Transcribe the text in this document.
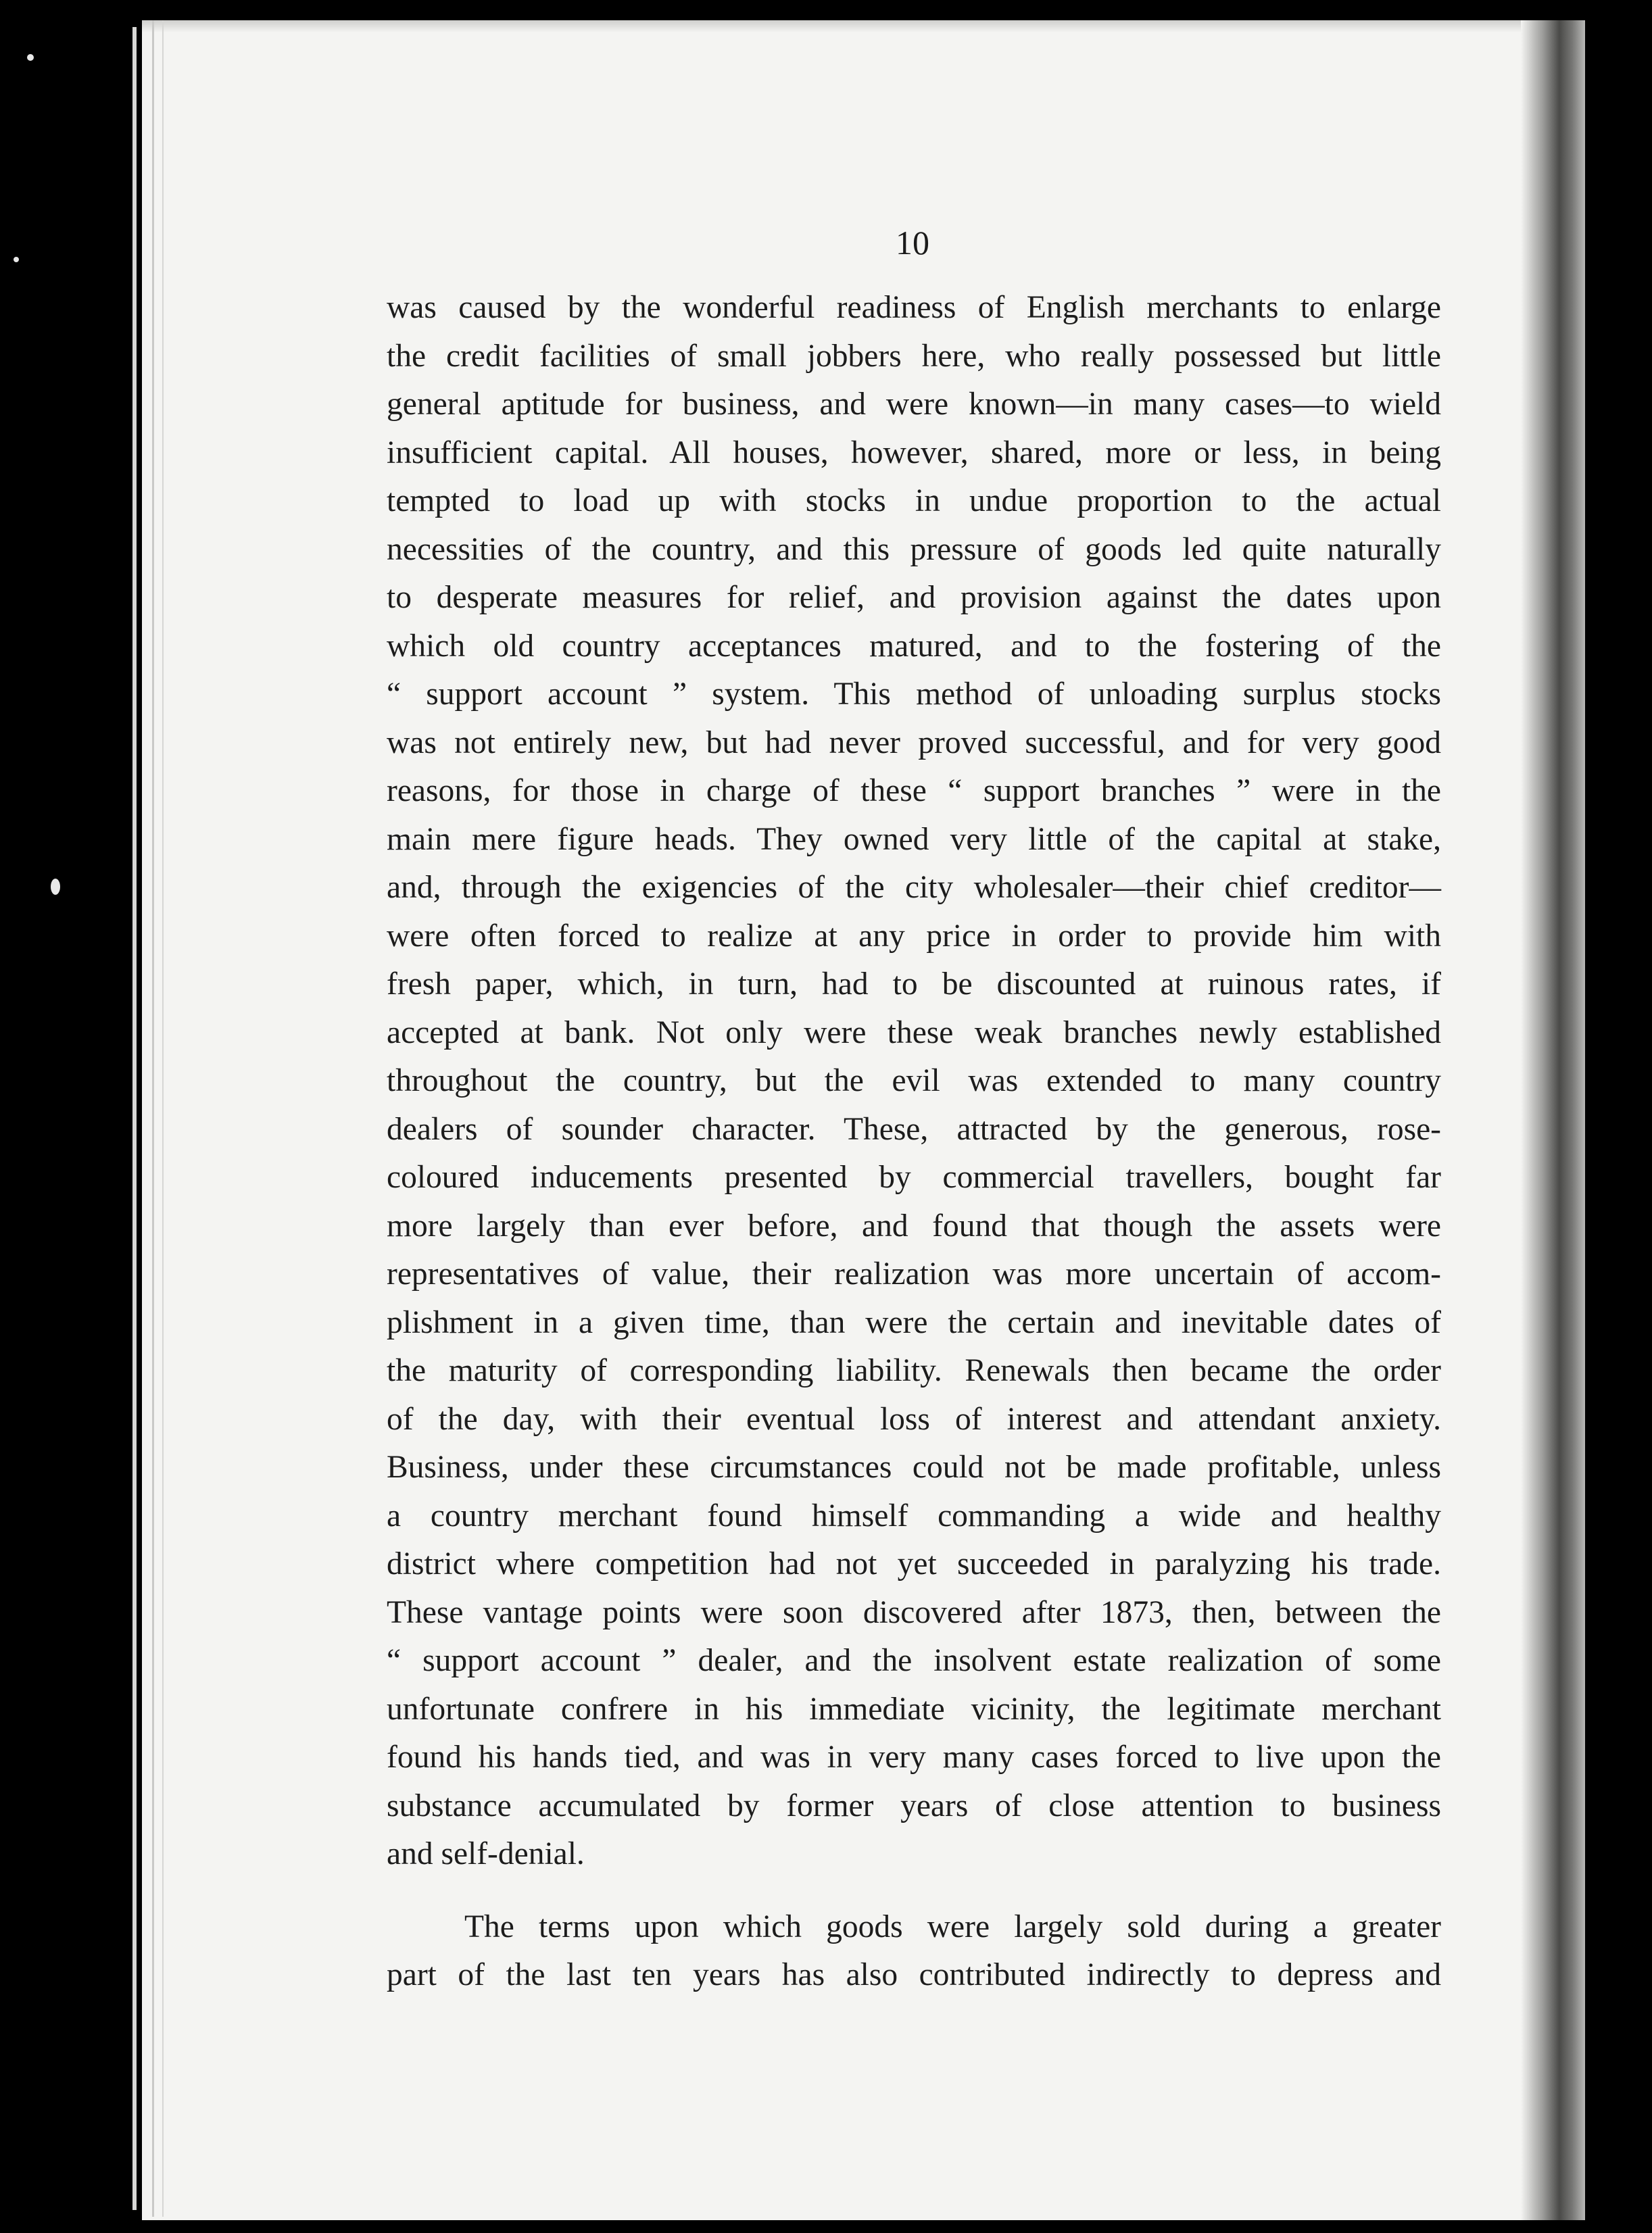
10
was caused by the wonderful readiness of English merchants to enlarge
the credit facilities of small jobbers here, who really possessed but little
general aptitude for business, and were known—in many cases—to wield
insufficient capital. All houses, however, shared, more or less, in being
tempted to load up with stocks in undue proportion to the actual
necessities of the country, and this pressure of goods led quite naturally
to desperate measures for relief, and provision against the dates upon
which old country acceptances matured, and to the fostering of the
“ support account ” system. This method of unloading surplus stocks
was not entirely new, but had never proved successful, and for very good
reasons, for those in charge of these “ support branches ” were in the
main mere figure heads. They owned very little of the capital at stake,
and, through the exigencies of the city wholesaler—their chief creditor—
were often forced to realize at any price in order to provide him with
fresh paper, which, in turn, had to be discounted at ruinous rates, if
accepted at bank. Not only were these weak branches newly established
throughout the country, but the evil was extended to many country
dealers of sounder character. These, attracted by the generous, rose-
coloured inducements presented by commercial travellers, bought far
more largely than ever before, and found that though the assets were
representatives of value, their realization was more uncertain of accom-
plishment in a given time, than were the certain and inevitable dates of
the maturity of corresponding liability. Renewals then became the order
of the day, with their eventual loss of interest and attendant anxiety.
Business, under these circumstances could not be made profitable, unless
a country merchant found himself commanding a wide and healthy
district where competition had not yet succeeded in paralyzing his trade.
These vantage points were soon discovered after 1873, then, between the
“ support account ” dealer, and the insolvent estate realization of some
unfortunate confrere in his immediate vicinity, the legitimate merchant
found his hands tied, and was in very many cases forced to live upon the
substance accumulated by former years of close attention to business
and self-denial.
The terms upon which goods were largely sold during a greater
part of the last ten years has also contributed indirectly to depress and
